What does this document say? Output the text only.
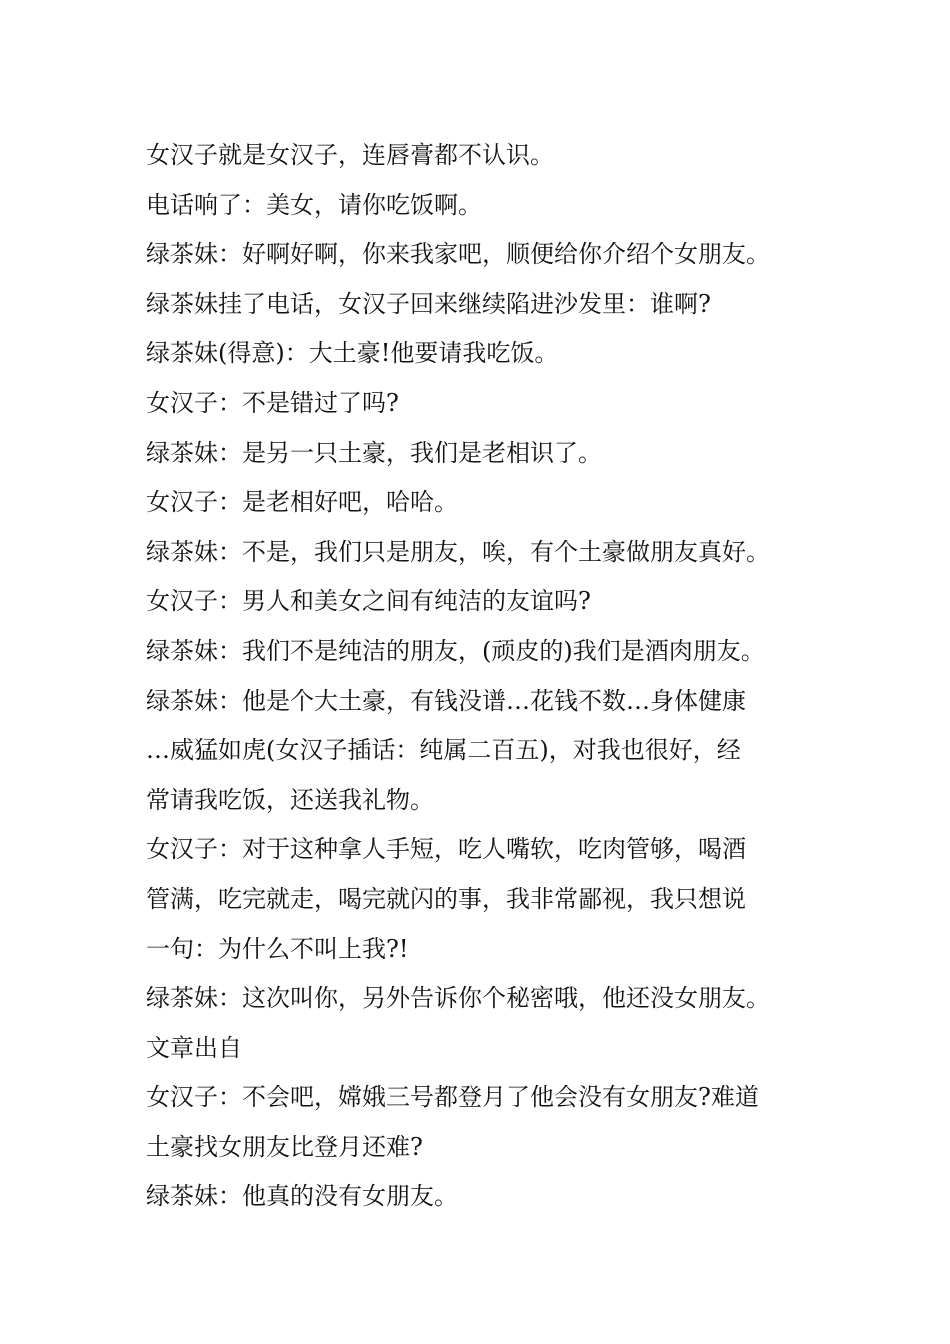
女汉子就是女汉子，连唇膏都不认识。
电话响了：美女，请你吃饭啊。
绿茶妹：好啊好啊，你来我家吧，顺便给你介绍个女朋友。
绿茶妹挂了电话，女汉子回来继续陷进沙发里：谁啊?
绿茶妹(得意)：大土豪!他要请我吃饭。
女汉子：不是错过了吗?
绿茶妹：是另一只土豪，我们是老相识了。
女汉子：是老相好吧，哈哈。
绿茶妹：不是，我们只是朋友，唉，有个土豪做朋友真好。
女汉子：男人和美女之间有纯洁的友谊吗?
绿茶妹：我们不是纯洁的朋友，(顽皮的)我们是酒肉朋友。
绿茶妹：他是个大土豪，有钱没谱…花钱不数…身体健康
…威猛如虎(女汉子插话：纯属二百五)，对我也很好，经
常请我吃饭，还送我礼物。
女汉子：对于这种拿人手短，吃人嘴软，吃肉管够，喝酒
管满，吃完就走，喝完就闪的事，我非常鄙视，我只想说
一句：为什么不叫上我?!
绿茶妹：这次叫你，另外告诉你个秘密哦，他还没女朋友。
文章出自
女汉子：不会吧，嫦娥三号都登月了他会没有女朋友?难道
土豪找女朋友比登月还难?
绿茶妹：他真的没有女朋友。
